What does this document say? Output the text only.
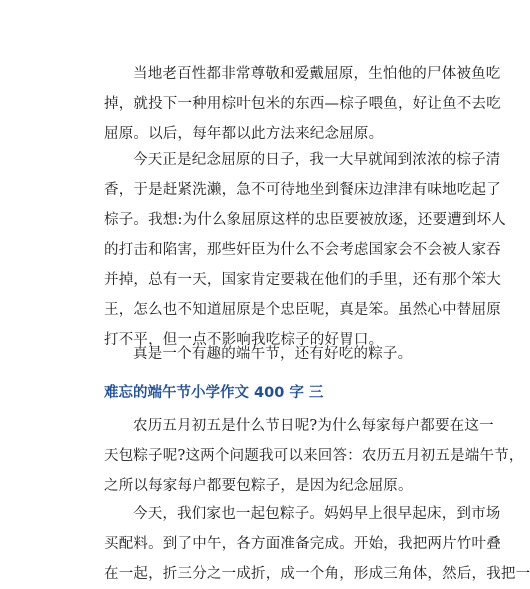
当地老百性都非常尊敬和爱戴屈原，生怕他的尸体被鱼吃
掉，就投下一种用棕叶包米的东西—棕子喂鱼，好让鱼不去吃
屈原。以后，每年都以此方法来纪念屈原。
今天正是纪念屈原的日子，我一大早就闻到浓浓的棕子清
香，于是赶紧洗濑，急不可待地坐到餐床边津津有味地吃起了
棕子。我想:为什么象屈原这样的忠臣要被放逐，还要遭到坏人
的打击和陷害，那些奸臣为什么不会考虑国家会不会被人家吞
并掉，总有一天，国家肯定要栽在他们的手里，还有那个笨大
王，怎么也不知道屈原是个忠臣呢，真是笨。虽然心中替屈原
打不平，但一点不影响我吃棕子的好胃口。
真是一个有趣的端午节，还有好吃的粽子。
难忘的端午节小学作文 400 字 三
农历五月初五是什么节日呢?为什么每家每户都要在这一
天包粽子呢?这两个问题我可以来回答：农历五月初五是端午节，
之所以每家每户都要包粽子，是因为纪念屈原。
今天，我们家也一起包粽子。妈妈早上很早起床，到市场
买配料。到了中午，各方面准备完成。开始，我把两片竹叶叠
在一起，折三分之一成折，成一个角，形成三角体，然后，我把一
